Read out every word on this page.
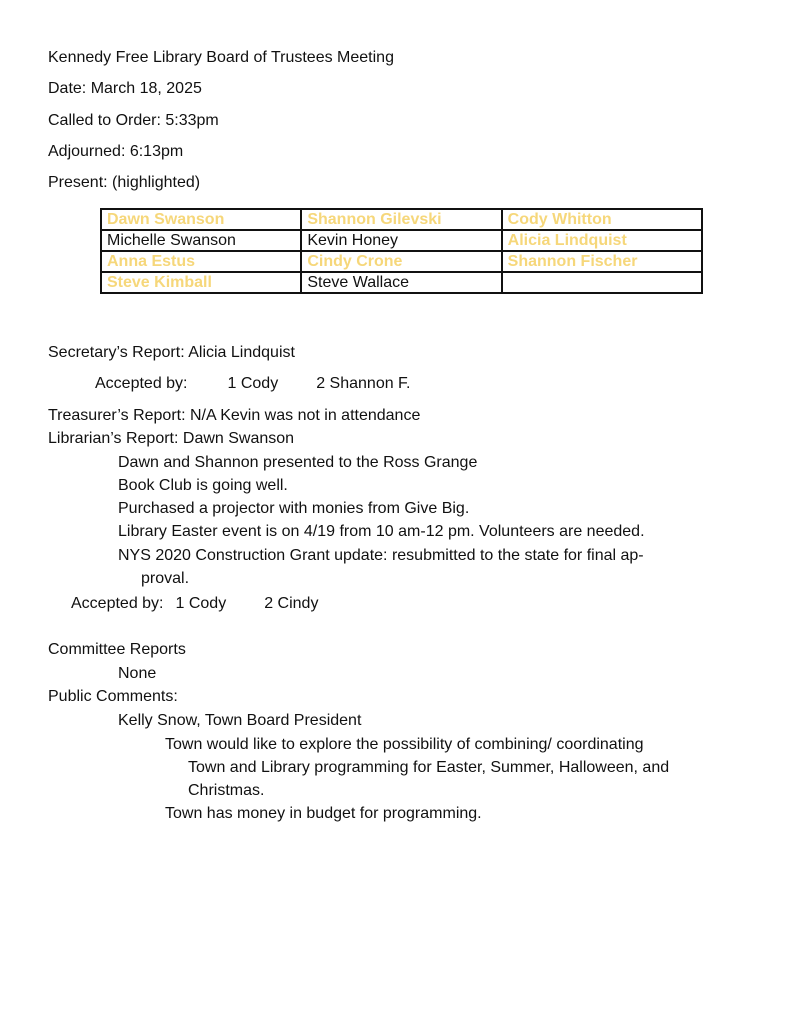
Kennedy Free Library Board of Trustees Meeting
Date: March 18, 2025
Called to Order: 5:33pm
Adjourned: 6:13pm
Present: (highlighted)
Dawn Swanson	Shannon Gilevski	Cody Whitton
Michelle Swanson	Kevin Honey	Alicia Lindquist
Anna Estus	Cindy Crone	Shannon Fischer
Steve Kimball	Steve Wallace	
Secretary’s Report: Alicia Lindquist
Accepted by:	1 Cody 2 Shannon F.
Treasurer’s Report: N/A Kevin was not in attendance
Librarian’s Report: Dawn Swanson
Dawn and Shannon presented to the Ross Grange
Book Club is going well.
Purchased a projector with monies from Give Big.
Library Easter event is on 4/19 from 10 am-12 pm. Volunteers are needed.
NYS 2020 Construction Grant update: resubmitted to the state for final ap-
proval.
Accepted by: 1 Cody 2 Cindy
Committee Reports
None
Public Comments:
Kelly Snow, Town Board President
Town would like to explore the possibility of combining/ coordinating
Town and Library programming for Easter, Summer, Halloween, and
Christmas.
Town has money in budget for programming.
